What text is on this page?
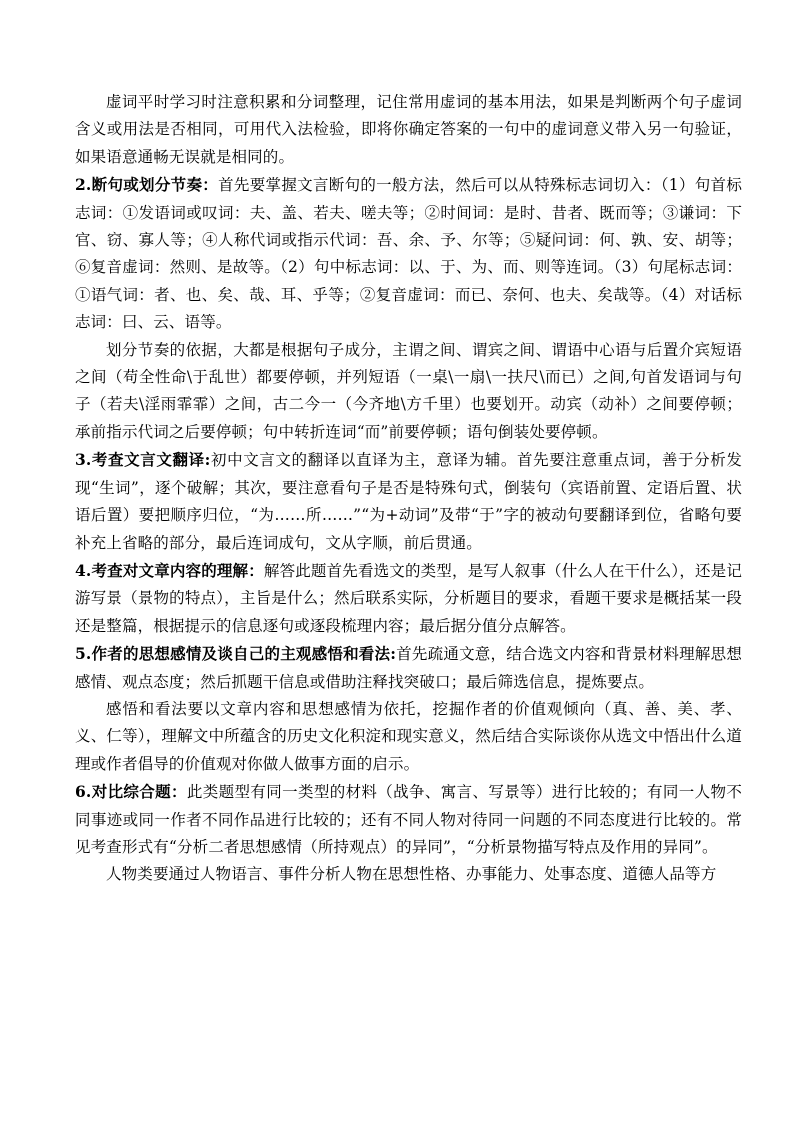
虚词平时学习时注意积累和分词整理，记住常用虚词的基本用法，如果是判断两个句子虚词含义或用法是否相同，可用代入法检验，即将你确定答案的一句中的虚词意义带入另一句验证，如果语意通畅无误就是相同的。

2.断句或划分节奏：首先要掌握文言断句的一般方法，然后可以从特殊标志词切入：（1）句首标志词：①发语词或叹词：夫、盖、若夫、嗟夫等；②时间词：是时、昔者、既而等；③谦词：下官、窃、寡人等；④人称代词或指示代词：吾、余、予、尔等；⑤疑问词：何、孰、安、胡等；⑥复音虚词：然则、是故等。（2）句中标志词：以、于、为、而、则等连词。（3）句尾标志词：①语气词：者、也、矣、哉、耳、乎等；②复音虚词：而已、奈何、也夫、矣哉等。（4）对话标志词：曰、云、语等。

划分节奏的依据，大都是根据句子成分，主谓之间、谓宾之间、谓语中心语与后置介宾短语之间（苟全性命\于乱世）都要停顿，并列短语（一桌\一扇\一扶尺\而已）之间,句首发语词与句子（若夫\淫雨霏霏）之间，古二今一（今齐地\方千里）也要划开。动宾（动补）之间要停顿；承前指示代词之后要停顿；句中转折连词“而”前要停顿；语句倒装处要停顿。

3.考查文言文翻译:初中文言文的翻译以直译为主，意译为辅。首先要注意重点词，善于分析发现“生词”，逐个破解；其次，要注意看句子是否是特殊句式，倒装句（宾语前置、定语后置、状语后置）要把顺序归位，“为……所……”“为+动词”及带“于”字的被动句要翻译到位，省略句要补充上省略的部分，最后连词成句，文从字顺，前后贯通。

4.考查对文章内容的理解：解答此题首先看选文的类型，是写人叙事（什么人在干什么），还是记游写景（景物的特点），主旨是什么；然后联系实际，分析题目的要求，看题干要求是概括某一段还是整篇，根据提示的信息逐句或逐段梳理内容；最后据分值分点解答。

5.作者的思想感情及谈自己的主观感悟和看法:首先疏通文意，结合选文内容和背景材料理解思想感情、观点态度；然后抓题干信息或借助注释找突破口；最后筛选信息，提炼要点。

感悟和看法要以文章内容和思想感情为依托，挖掘作者的价值观倾向（真、善、美、孝、义、仁等），理解文中所蕴含的历史文化积淀和现实意义，然后结合实际谈你从选文中悟出什么道理或作者倡导的价值观对你做人做事方面的启示。

6.对比综合题：此类题型有同一类型的材料（战争、寓言、写景等）进行比较的；有同一人物不同事迹或同一作者不同作品进行比较的；还有不同人物对待同一问题的不同态度进行比较的。常见考查形式有“分析二者思想感情（所持观点）的异同”，“分析景物描写特点及作用的异同”。

人物类要通过人物语言、事件分析人物在思想性格、办事能力、处事态度、道德人品等方
